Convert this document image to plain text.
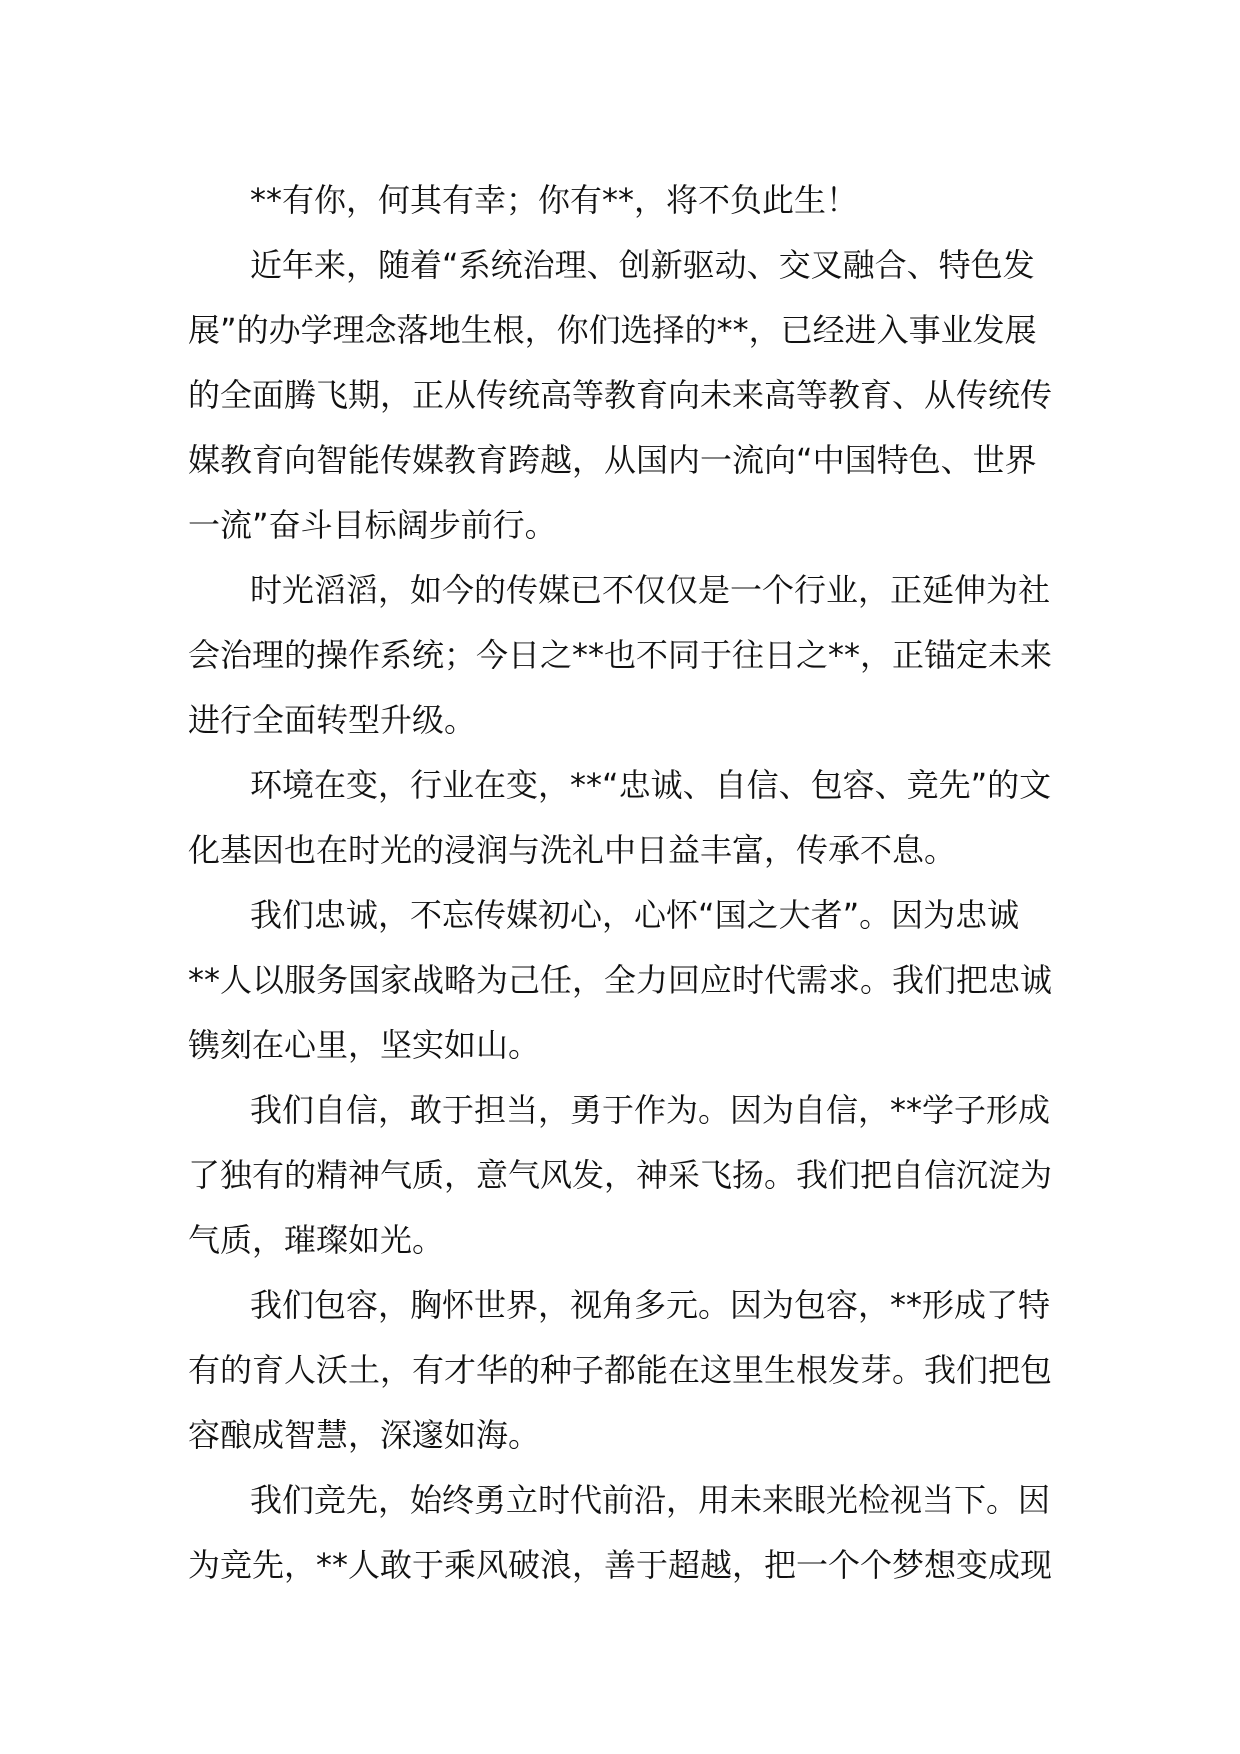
**有你，何其有幸；你有**，将不负此生！
近年来，随着“系统治理、创新驱动、交叉融合、特色发
展”的办学理念落地生根，你们选择的**，已经进入事业发展
的全面腾飞期，正从传统高等教育向未来高等教育、从传统传
媒教育向智能传媒教育跨越，从国内一流向“中国特色、世界
一流”奋斗目标阔步前行。
时光滔滔，如今的传媒已不仅仅是一个行业，正延伸为社
会治理的操作系统；今日之**也不同于往日之**，正锚定未来
进行全面转型升级。
环境在变，行业在变，**“忠诚、自信、包容、竞先”的文
化基因也在时光的浸润与洗礼中日益丰富，传承不息。
我们忠诚，不忘传媒初心，心怀“国之大者”。因为忠诚
**人以服务国家战略为己任，全力回应时代需求。我们把忠诚
镌刻在心里，坚实如山。
我们自信，敢于担当，勇于作为。因为自信，**学子形成
了独有的精神气质，意气风发，神采飞扬。我们把自信沉淀为
气质，璀璨如光。
我们包容，胸怀世界，视角多元。因为包容，**形成了特
有的育人沃土，有才华的种子都能在这里生根发芽。我们把包
容酿成智慧，深邃如海。
我们竞先，始终勇立时代前沿，用未来眼光检视当下。因
为竞先，**人敢于乘风破浪，善于超越，把一个个梦想变成现
